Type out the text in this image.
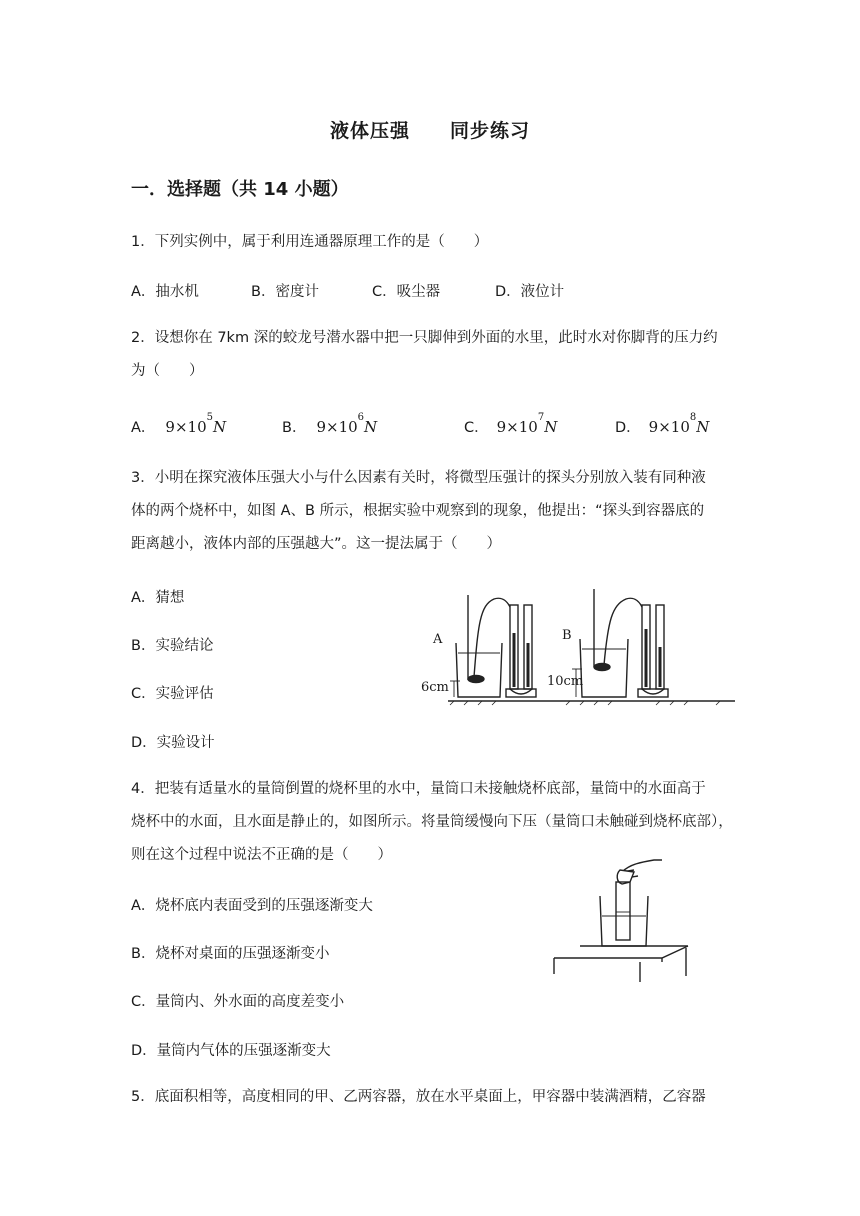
液体压强　　同步练习
一．选择题（共 14 小题）
1．下列实例中，属于利用连通器原理工作的是（　　）
A．抽水机	B．密度计	C．吸尘器	D．液位计
2．设想你在 7km 深的蛟龙号潜水器中把一只脚伸到外面的水里，此时水对你脚背的压力约
为（　　）
A． $9\times 10^5N$	B． $9\times 10^6N$	C． $9\times 10^7N$	D． $9\times 10^8N$
3．小明在探究液体压强大小与什么因素有关时，将微型压强计的探头分别放入装有同种液
体的两个烧杯中，如图 A、B 所示，根据实验中观察到的现象，他提出：“探头到容器底的
距离越小，液体内部的压强越大”。这一提法属于（　　）
A．猜想
B．实验结论
C．实验评估
D．实验设计
A	B
6cm	10cm
4．把装有适量水的量筒倒置的烧杯里的水中，量筒口未接触烧杯底部，量筒中的水面高于
烧杯中的水面，且水面是静止的，如图所示。将量筒缓慢向下压（量筒口未触碰到烧杯底部），
则在这个过程中说法不正确的是（　　）
A．烧杯底内表面受到的压强逐渐变大
B．烧杯对桌面的压强逐渐变小
C．量筒内、外水面的高度差变小
D．量筒内气体的压强逐渐变大
5．底面积相等，高度相同的甲、乙两容器，放在水平桌面上，甲容器中装满酒精，乙容器
